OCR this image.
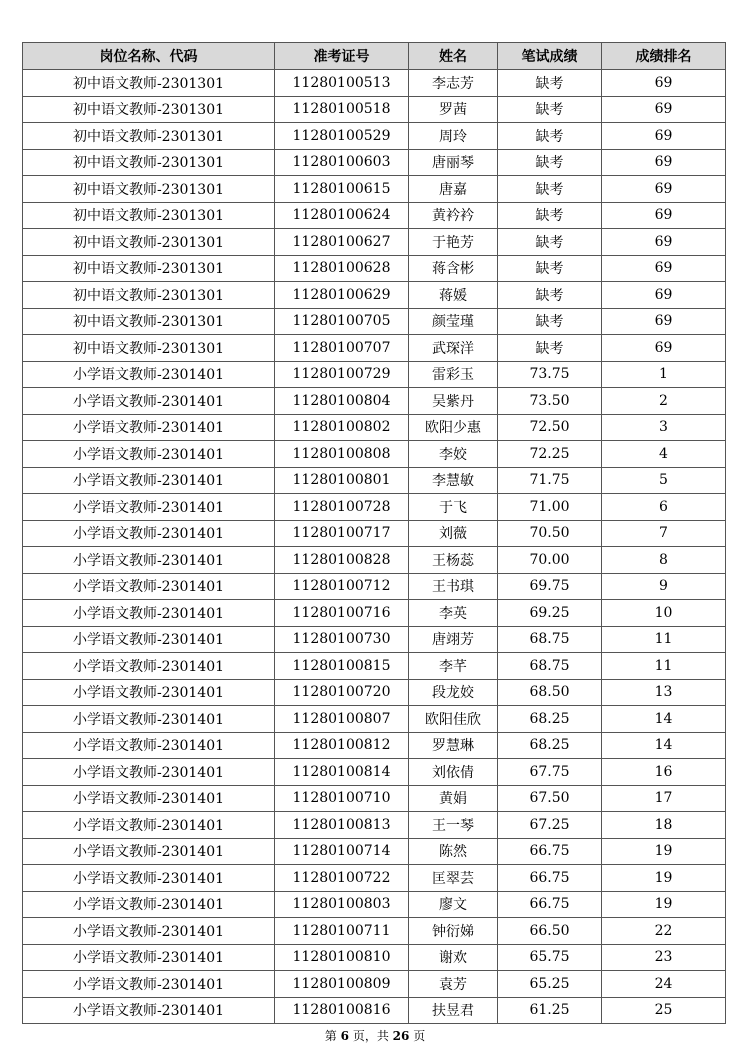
岗位名称、代码	准考证号	姓名	笔试成绩	成绩排名
初中语文教师-2301301	11280100513	李志芳	缺考	69
初中语文教师-2301301	11280100518	罗茜	缺考	69
初中语文教师-2301301	11280100529	周玲	缺考	69
初中语文教师-2301301	11280100603	唐丽琴	缺考	69
初中语文教师-2301301	11280100615	唐嘉	缺考	69
初中语文教师-2301301	11280100624	黄衿衿	缺考	69
初中语文教师-2301301	11280100627	于艳芳	缺考	69
初中语文教师-2301301	11280100628	蒋含彬	缺考	69
初中语文教师-2301301	11280100629	蒋媛	缺考	69
初中语文教师-2301301	11280100705	颜莹瑾	缺考	69
初中语文教师-2301301	11280100707	武琛洋	缺考	69
小学语文教师-2301401	11280100729	雷彩玉	73.75	1
小学语文教师-2301401	11280100804	吴紫丹	73.50	2
小学语文教师-2301401	11280100802	欧阳少惠	72.50	3
小学语文教师-2301401	11280100808	李姣	72.25	4
小学语文教师-2301401	11280100801	李慧敏	71.75	5
小学语文教师-2301401	11280100728	于飞	71.00	6
小学语文教师-2301401	11280100717	刘薇	70.50	7
小学语文教师-2301401	11280100828	王杨蕊	70.00	8
小学语文教师-2301401	11280100712	王书琪	69.75	9
小学语文教师-2301401	11280100716	李英	69.25	10
小学语文教师-2301401	11280100730	唐翊芳	68.75	11
小学语文教师-2301401	11280100815	李芊	68.75	11
小学语文教师-2301401	11280100720	段龙姣	68.50	13
小学语文教师-2301401	11280100807	欧阳佳欣	68.25	14
小学语文教师-2301401	11280100812	罗慧琳	68.25	14
小学语文教师-2301401	11280100814	刘依倩	67.75	16
小学语文教师-2301401	11280100710	黄娟	67.50	17
小学语文教师-2301401	11280100813	王一琴	67.25	18
小学语文教师-2301401	11280100714	陈然	66.75	19
小学语文教师-2301401	11280100722	匡翠芸	66.75	19
小学语文教师-2301401	11280100803	廖文	66.75	19
小学语文教师-2301401	11280100711	钟衍娣	66.50	22
小学语文教师-2301401	11280100810	谢欢	65.75	23
小学语文教师-2301401	11280100809	袁芳	65.25	24
小学语文教师-2301401	11280100816	扶昱君	61.25	25
第 6 页，共 26 页
